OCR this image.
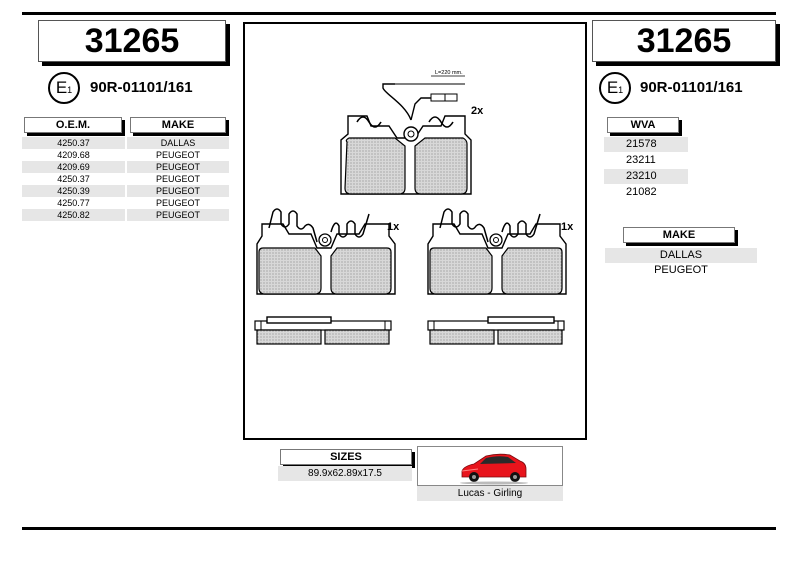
31265	31265
E1	90R-01101/161	E1	90R-01101/161
O.E.M.	MAKE
4250.37	DALLAS
4209.68	PEUGEOT
4209.69	PEUGEOT
4250.37	PEUGEOT
4250.39	PEUGEOT
4250.77	PEUGEOT
4250.82	PEUGEOT
WVA
21578
23211
23210
21082
MAKE
DALLAS
PEUGEOT
L=220 mm.
2x
1x	1x
SIZES
89.9x62.89x17.5
Lucas - Girling
